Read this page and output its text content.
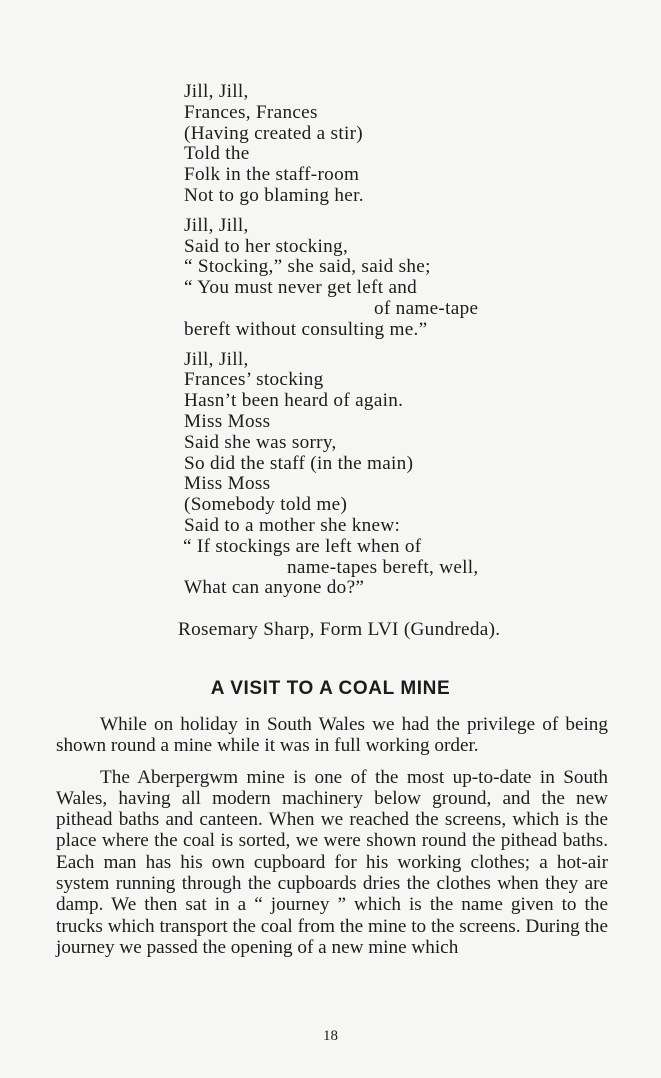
Jill, Jill,
Frances, Frances
(Having created a stir)
Told the
Folk in the staff-room
Not to go blaming her.
Jill, Jill,
Said to her stocking,
“ Stocking,” she said, said she;
“ You must never get left and
of name-tape
bereft without consulting me.”
Jill, Jill,
Frances’ stocking
Hasn’t been heard of again.
Miss Moss
Said she was sorry,
So did the staff (in the main)
Miss Moss
(Somebody told me)
Said to a mother she knew:
“ If stockings are left when of
name-tapes bereft, well,
What can anyone do?”
Rosemary Sharp, Form LVI (Gundreda).
A VISIT TO A COAL MINE

While on holiday in South Wales we had the privilege of being shown round a mine while it was in full working order.

The Aberpergwm mine is one of the most up-to-date in South Wales, having all modern machinery below ground, and the new pithead baths and canteen. When we reached the screens, which is the place where the coal is sorted, we were shown round the pithead baths. Each man has his own cupboard for his working clothes; a hot-air system running through the cupboards dries the clothes when they are damp. We then sat in a “ journey ” which is the name given to the trucks which transport the coal from the mine to the screens. During the journey we passed the opening of a new mine which

18
